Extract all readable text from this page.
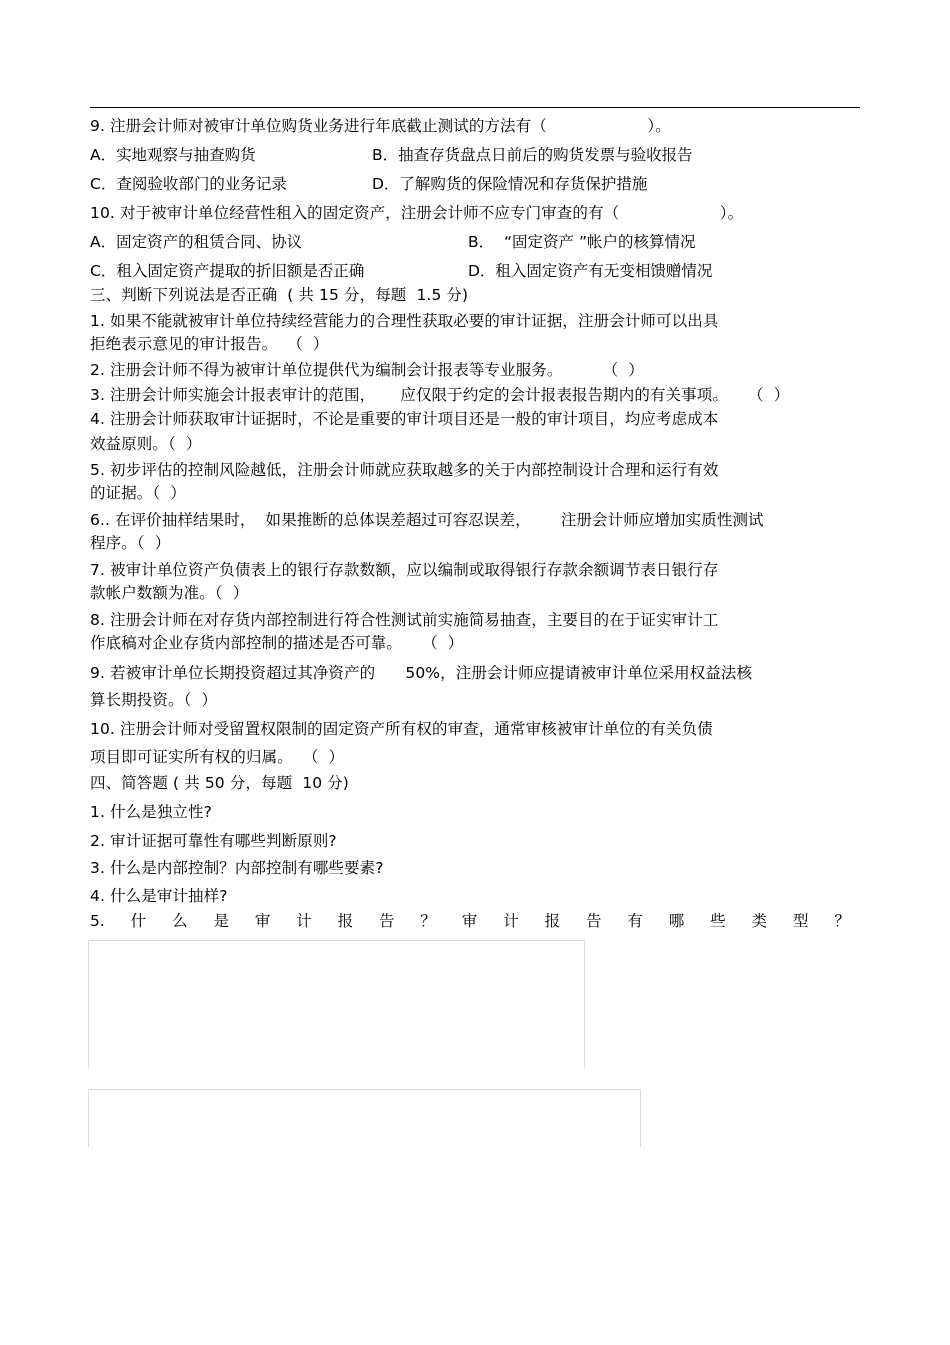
9. 注册会计师对被审计单位购货业务进行年底截止测试的方法有（                    ）。
A．实地观察与抽查购货	B．抽查存货盘点日前后的购货发票与验收报告
C．查阅验收部门的业务记录	D．了解购货的保险情况和存货保护措施
10. 对于被审计单位经营性租入的固定资产，注册会计师不应专门审查的有（                    ）。
A．固定资产的租赁合同、协议	B．  “固定资产 ”帐户的核算情况
C．租入固定资产提取的折旧额是否正确	D．租入固定资产有无变相馈赠情况
三、判断下列说法是否正确  ( 共 15 分，每题  1.5 分)
1. 如果不能就被审计单位持续经营能力的合理性获取必要的审计证据，注册会计师可以出具
拒绝表示意见的审计报告。  （  ）
2. 注册会计师不得为被审计单位提供代为编制会计报表等专业服务。        （  ）
3. 注册会计师实施会计报表审计的范围，     应仅限于约定的会计报表报告期内的有关事项。    （  ）
4. 注册会计师获取审计证据时，不论是重要的审计项目还是一般的审计项目，均应考虑成本
效益原则。（  ）
5. 初步评估的控制风险越低，注册会计师就应获取越多的关于内部控制设计合理和运行有效
的证据。（  ）
6.. 在评价抽样结果时，  如果推断的总体误差超过可容忍误差，      注册会计师应增加实质性测试
程序。（  ）
7. 被审计单位资产负债表上的银行存款数额，应以编制或取得银行存款余额调节表日银行存
款帐户数额为准。（  ）
8. 注册会计师在对存货内部控制进行符合性测试前实施简易抽查，主要目的在于证实审计工
作底稿对企业存货内部控制的描述是否可靠。    （  ）
9. 若被审计单位长期投资超过其净资产的      50%，注册会计师应提请被审计单位采用权益法核
算长期投资。（  ）
10. 注册会计师对受留置权限制的固定资产所有权的审查，通常审核被审计单位的有关负债
项目即可证实所有权的归属。  （  ）
四、简答题 ( 共 50 分，每题  10 分)
1. 什么是独立性?
2. 审计证据可靠性有哪些判断原则?
3. 什么是内部控制？内部控制有哪些要素?
4. 什么是审计抽样?
5. 什 么 是 审 计 报 告 ？ 审 计 报 告 有 哪 些 类 型 ？
